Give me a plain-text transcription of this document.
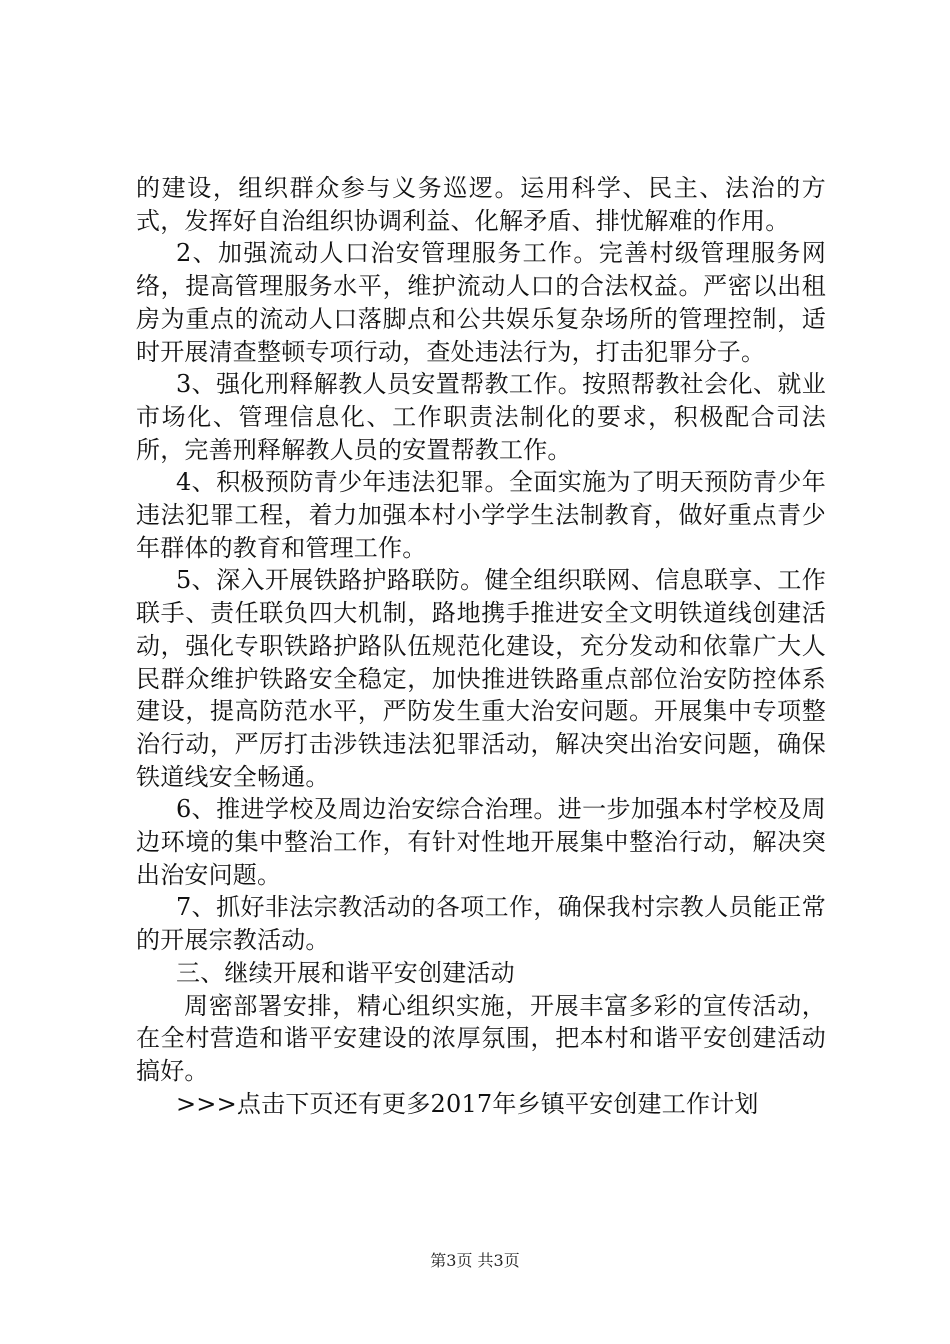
的建设，组织群众参与义务巡逻。运用科学、民主、法治的方式，发挥好自治组织协调利益、化解矛盾、排忧解难的作用。

2、加强流动人口治安管理服务工作。完善村级管理服务网络，提高管理服务水平，维护流动人口的合法权益。严密以出租房为重点的流动人口落脚点和公共娱乐复杂场所的管理控制，适时开展清查整顿专项行动，查处违法行为，打击犯罪分子。

3、强化刑释解教人员安置帮教工作。按照帮教社会化、就业市场化、管理信息化、工作职责法制化的要求，积极配合司法所，完善刑释解教人员的安置帮教工作。

4、积极预防青少年违法犯罪。全面实施为了明天预防青少年违法犯罪工程，着力加强本村小学学生法制教育，做好重点青少年群体的教育和管理工作。

5、深入开展铁路护路联防。健全组织联网、信息联享、工作联手、责任联负四大机制，路地携手推进安全文明铁道线创建活动，强化专职铁路护路队伍规范化建设，充分发动和依靠广大人民群众维护铁路安全稳定，加快推进铁路重点部位治安防控体系建设，提高防范水平，严防发生重大治安问题。开展集中专项整治行动，严厉打击涉铁违法犯罪活动，解决突出治安问题，确保铁道线安全畅通。

6、推进学校及周边治安综合治理。进一步加强本村学校及周边环境的集中整治工作，有针对性地开展集中整治行动，解决突出治安问题。

7、抓好非法宗教活动的各项工作，确保我村宗教人员能正常的开展宗教活动。

三、继续开展和谐平安创建活动

周密部署安排，精心组织实施，开展丰富多彩的宣传活动，在全村营造和谐平安建设的浓厚氛围，把本村和谐平安创建活动搞好。

>>>点击下页还有更多2017年乡镇平安创建工作计划

第3页 共3页
